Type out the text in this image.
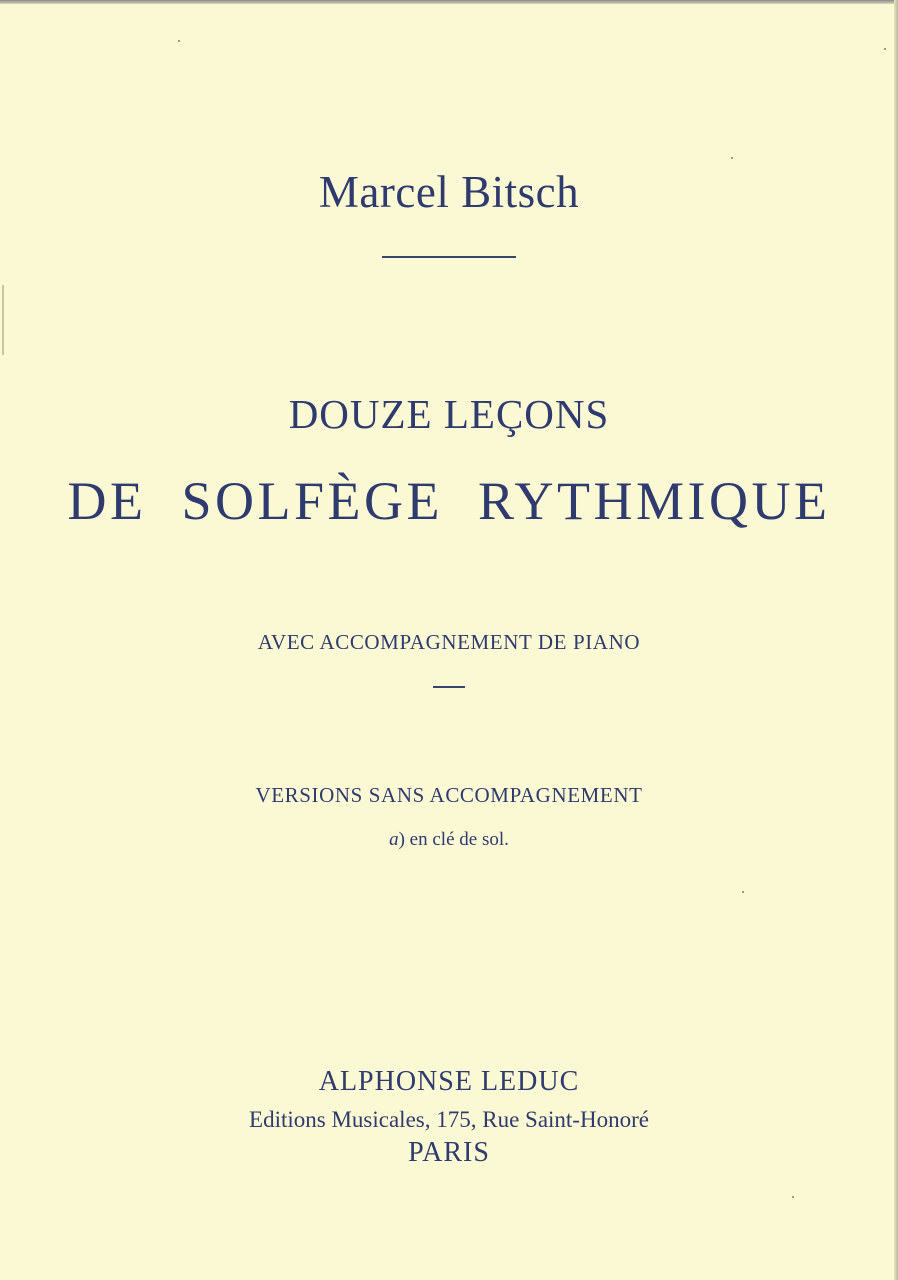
Marcel Bitsch

DOUZE LEÇONS

DE SOLFÈGE RYTHMIQUE

AVEC ACCOMPAGNEMENT DE PIANO

VERSIONS SANS ACCOMPAGNEMENT

a) en clé de sol.

ALPHONSE LEDUC

Editions Musicales, 175, Rue Saint-Honoré

PARIS
